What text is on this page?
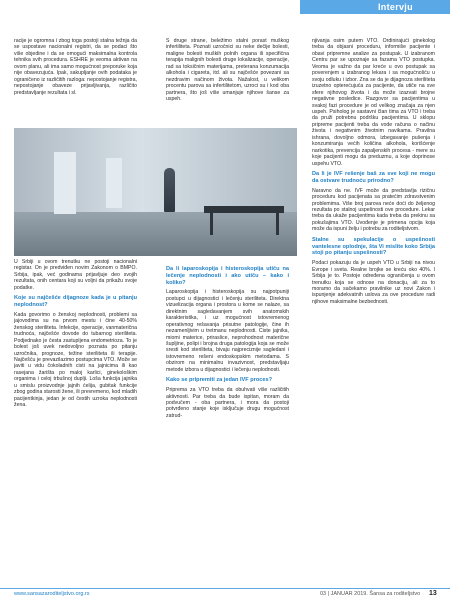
Intervju

racije je ogromna i zbog toga postoji stalna težnja da se uspostave nacionalni registri, da se podaci što više objedine i da se omogući maksimalna kontrola tehnika svih procedura. ESHRE je veoma aktivan na ovom planu, ali ima samo mogućnost preporuke koja nije obavezujuća. Ipak, sakupljanje ovih podataka je ograničeno iz različitih razloga: nepostojanje registra, nepostojanje obaveze prijavljivanja, različito predstavljanje rezultata i sl.

S druge strane, beležimo stalni porast muškog infertiliteta. Poznati uzročnici su neke dečije bolesti, maligne bolesti muških polnih organa ili specifična terapija malignih bolesti druge lokalizacije, operacije, rad sa toksičnim materijama, preterana konzumacija alkohola i cigareta, itd. ali su najčešće povezani sa nezdravim načinom života. Nažalost, u velikom procentu parova sa infertilitetom, uzroci su i kod oba partnera, što još više umanjuje njihove šanse za uspeh.

U Srbiji u ovom trenutku ne postoji nacionalni registar. On je predviđen novim Zakonom o BMPO. Srbija, ipak, već godinama prijavljuje deo svojih rezultata, onih centara koji su voljni da prikažu svoje podatke.

Koje su najčešće dijagnoze kada je u pitanju neplodnost?

Kada govorimo o ženskoj neplodnosti, problemi sa jajovodima su na prvom mestu i čine 40-50% ženskog steriliteta. Infekcije, operacije, vanmaterična trudnoća, najčešće dovode do tubarnog steriliteta. Podjednako je česta zastupljena endometrioza. To je bolest još uvek nedovoljno poznata po pitanju uzročnika, prognoze, težine steriliteta ili terapije. Najčešću je prevazilazimo postupcima VTO. Može se javiti u vidu čokoladnih cisti na jajnicima ili kao rasejana žarišta po maloj karlici, ginekološkim organima i celoj trbušnoj duplji. Loša funkcija jajnika u smislu proizvodnje jajnih ćelija, gubitak funkcije zbog godina starosti žene, ili prevremeno, kod mladih pacijentkinja, jedan je od čestih uzroka neplodnosti žena.

Da li laparoskopija i histeroskopija utiču na lečenje neplodnosti i ako utiču – kako i koliko?

Laparoskopija i histeroskopija su najpotpuniji postupci u dijagnostici i lečenju steriliteta. Direktna vizuelizacija organa i prostora u kome se nalaze, sa direktnim sagledavanjem svih anatomskih karakteristika, i uz mogućnost istovremenog operativnog rešavanja prisutne patologije, čine ih nezamenljivim u tretmanu neplodnosti. Ciste jajnika, miomi materice, priraslice, neprohodnost materične šupljine, polipi i brojna druga patologija koja se može sresti kod steriliteta, bivaju najpreciznije sagledani i istovremeno rešeni endoskopskim metodama. S obzirom na minimalnu invazivnost, predstavljaju metode izbora u dijagnostici i lečenju neplodnosti.

Kako se pripremiti za jedan IVF proces?

Priprema za VTO treba da obuhvati više različitih aktivnosti. Par treba da bude ispitan, moram da podvučem - oba partnera, i mora da postoji potvrđeno stanje koje isključuje drugu mogućnost zatrud-

njivanja osim putem VTO. Ordinirajući ginekolog treba da objasni proceduru, informiše pacijente i obavi pripremne analize za postupak. U izabranom Centru par se upoznaje sa fazama VTO postupka. Veoma je važno da par kreće u ovo postupak sa poverenjem u izabranog lekara i sa mogućnošću u svoju odluku i izbor. Zna se da je dijagnoza steriliteta izuzetno opterećujuća za pacijente, da utiče na sve sfere njihovog života i da može izazvati brojne negativne posledice. Razgovor sa pacijentima u svakoj fazi procedure je od velikog značaja za njen uspeh. Psiholog je sastavni član tima za VTO i treba da pruži potrebnu podršku pacijentima. U sklopu pripreme pacijenti treba da vode računa o načinu života i negativnim životnim navikama. Pravilna ishrana, dovoljno odmora, izbegavanje pušenja i konzumiranja većih količina alkohola, korišćenje narkotika, prevencija zapaljenskih procesa - mere su koje pacijenti mogu da preduzmu, a koje doprinose uspehu VTO.

Da li je IVF rešenje baš za sve koji ne mogu da ostvare trudnoću prirodno?

Naravno da ne. IVF može da predstavlja rizičnu proceduru kod pacijenata sa pratećim zdravstvenim problemima. Više broj parova neće doći do željenog rezultata po stalnoj uspešnosti ove procedure. Lekar treba da ukaže pacijentima kada treba da prekinu sa pokušajima VTO. Uvođenje je primena opcija koja može da ispuni želju i potrebu za roditeljstvom.

Stalne su spekulacije o uspešnosti vantelesne oplodnje, šta Vi mislite koko Srbija stoji po pitanju uspešnosti?

Podaci pokazuju da je uspeh VTO u Srbiji na nivou Evrope i sveta. Realne brojke se kreću oko 40%. I Srbija je to. Postoje određena ograničenja u ovom trenutku koja se odnose na donaciju, ali za to moramo da sačekamo pravilnike uz novi Zakon i ispunjenje adekvatnih uslova za ove procedure radi njihove maksimalne bezbednosti.

www.sansazaroditeljstvo.org.rs	03 | JANUAR 2019. Šansa za roditeljstvo 13
